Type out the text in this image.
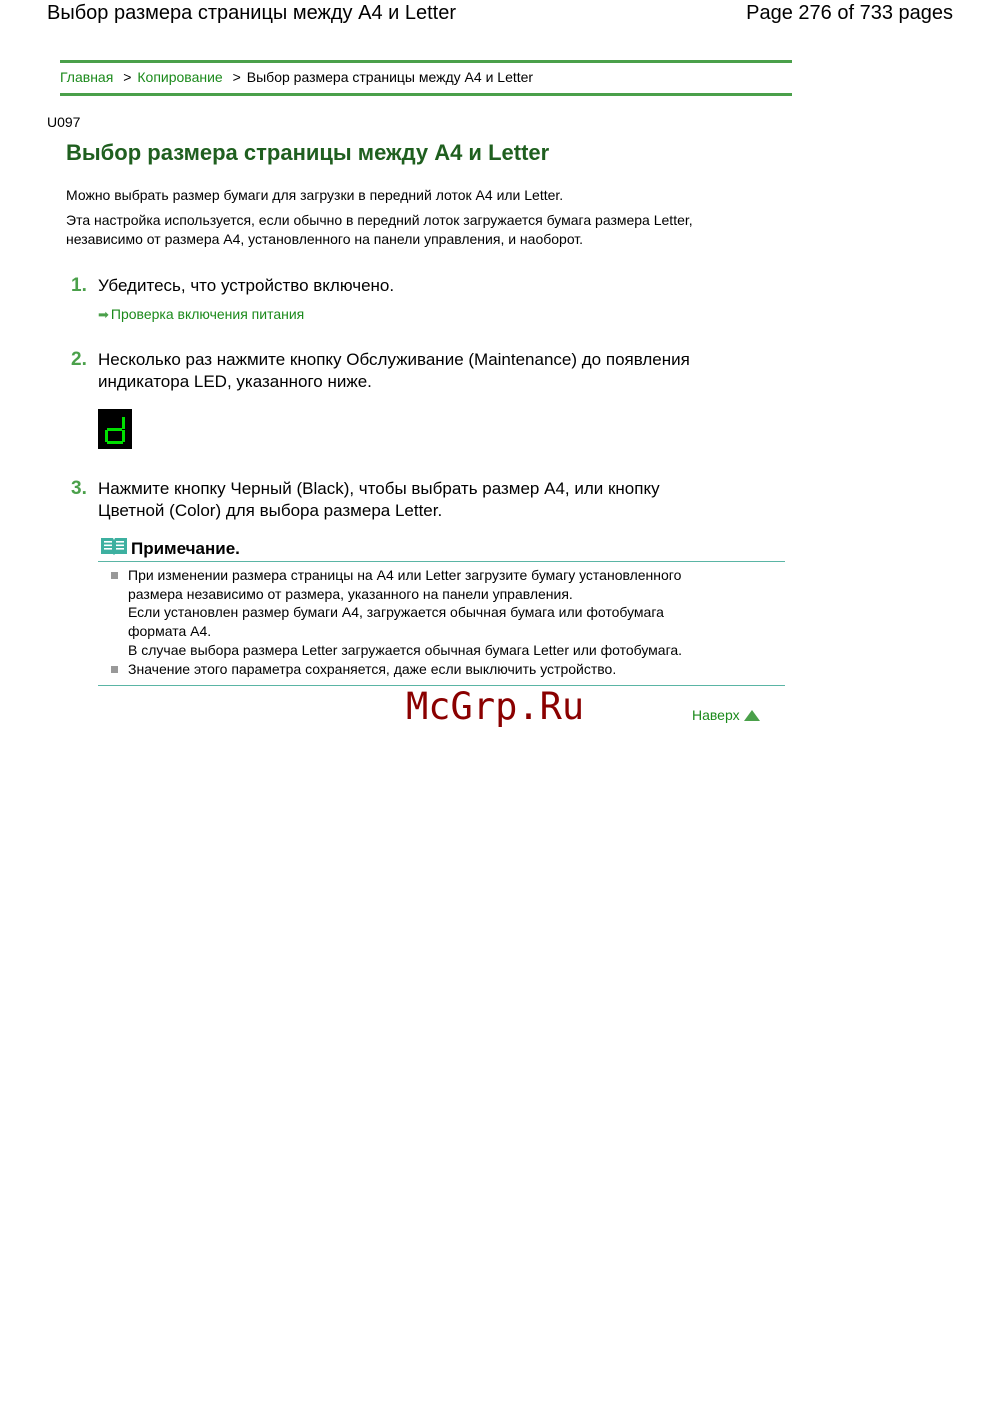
Выбор размера страницы между A4 и Letter	Page 276 of 733 pages
Главная > Копирование > Выбор размера страницы между A4 и Letter
U097
Выбор размера страницы между A4 и Letter
Можно выбрать размер бумаги для загрузки в передний лоток A4 или Letter.
Эта настройка используется, если обычно в передний лоток загружается бумага размера Letter,
независимо от размера A4, установленного на панели управления, и наоборот.
1. Убедитесь, что устройство включено.
➡ Проверка включения питания
2. Несколько раз нажмите кнопку Обслуживание (Maintenance) до появления
индикатора LED, указанного ниже.
3. Нажмите кнопку Черный (Black), чтобы выбрать размер A4, или кнопку
Цветной (Color) для выбора размера Letter.
Примечание.
При изменении размера страницы на A4 или Letter загрузите бумагу установленного
размера независимо от размера, указанного на панели управления.
Если установлен размер бумаги A4, загружается обычная бумага или фотобумага
формата A4.
В случае выбора размера Letter загружается обычная бумага Letter или фотобумага.
Значение этого параметра сохраняется, даже если выключить устройство.
McGrp.Ru	Наверх
